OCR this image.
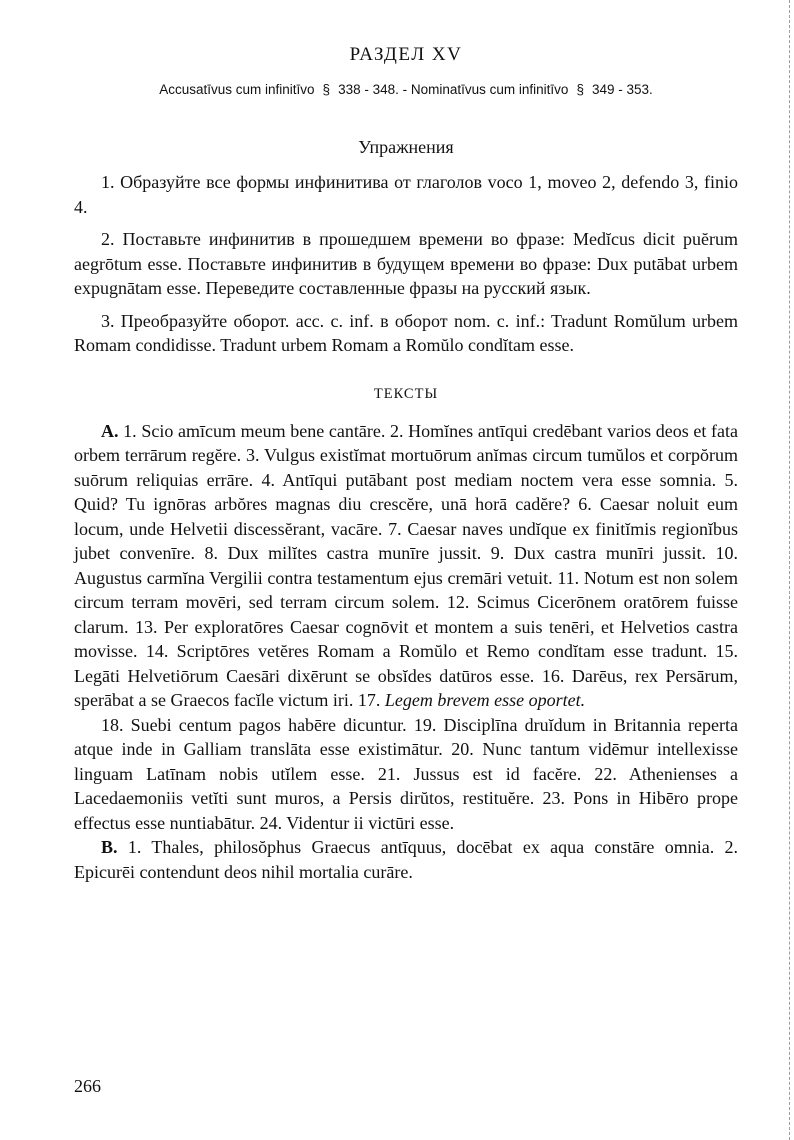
РАЗДЕЛ XV
Accusatīvus cum infinitīvo § 338 - 348. - Nominatīvus cum infinitīvo § 349 - 353.
Упражнения

1. Образуйте все формы инфинитива от глаголов voco 1, moveo 2, defendo 3, finio 4.

2. Поставьте инфинитив в прошедшем времени во фразе: Medĭcus dicit puĕrum aegrōtum esse. Поставьте инфинитив в будущем времени во фразе: Dux putābat urbem expugnātam esse. Переведите составленные фразы на русский язык.

3. Преобразуйте оборот. acc. c. inf. в оборот nom. c. inf.: Tradunt Romŭlum urbem Romam condidisse. Tradunt urbem Romam a Romŭlo condĭtam esse.

ТЕКСТЫ

A. 1. Scio amīcum meum bene cantāre. 2. Homĭnes antīqui credēbant varios deos et fata orbem terrārum regĕre. 3. Vulgus existĭmat mortuōrum anĭmas circum tumŭlos et corpŏrum suōrum reliquias errāre. 4. Antīqui putābant post mediam noctem vera esse somnia. 5. Quid? Tu ignōras arbŏres magnas diu crescĕre, unā horā cadĕre? 6. Caesar noluit eum locum, unde Helvetii discessĕrant, vacāre. 7. Caesar naves undĭque ex finitĭmis regionĭbus jubet convenīre. 8. Dux milĭtes castra munīre jussit. 9. Dux castra munīri jussit. 10. Augustus carmĭna Vergilii contra testamentum ejus cremāri vetuit. 11. Notum est non solem circum terram movēri, sed terram circum solem. 12. Scimus Cicerōnem oratōrem fuisse clarum. 13. Per exploratōres Caesar cognōvit et montem a suis tenēri, et Helvetios castra movisse. 14. Scriptōres vetĕres Romam a Romŭlo et Remo condĭtam esse tradunt. 15. Legāti Helvetiōrum Caesāri dixērunt se obsĭdes datūros esse. 16. Darēus, rex Persārum, sperābat a se Graecos facĭle victum iri. 17. Legem brevem esse oportet.

18. Suebi centum pagos habēre dicuntur. 19. Disciplīna druĭdum in Britannia reperta atque inde in Galliam translāta esse existimātur. 20. Nunc tantum vidēmur intellexisse linguam Latīnam nobis utĭlem esse. 21. Jussus est id facĕre. 22. Athenienses a Lacedaemoniis vetĭti sunt muros, a Persis dirŭtos, restituĕre. 23. Pons in Hibēro prope effectus esse nuntiabātur. 24. Videntur ii victūri esse.

B. 1. Thales, philosŏphus Graecus antīquus, docēbat ex aqua constāre omnia. 2. Epicurēi contendunt deos nihil mortalia curāre.

266
